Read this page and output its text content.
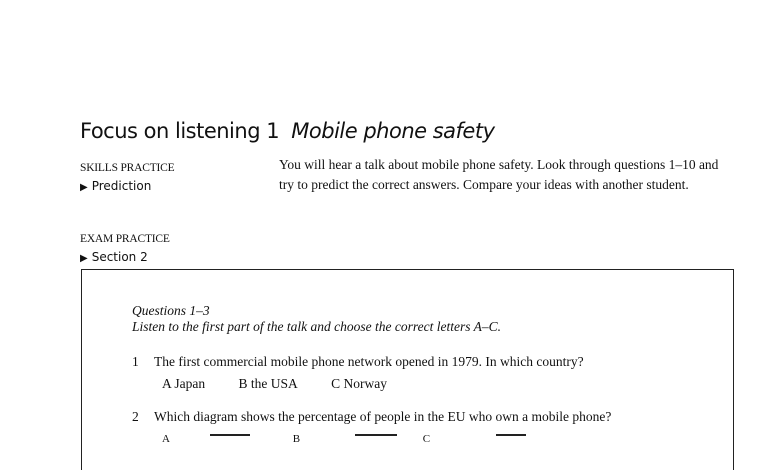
Focus on listening 1 Mobile phone safety
SKILLS PRACTICE
▶ Prediction
You will hear a talk about mobile phone safety. Look through questions 1–10 and try to predict the correct answers. Compare your ideas with another student.
EXAM PRACTICE
▶ Section 2
Questions 1–3
Listen to the first part of the talk and choose the correct letters A–C.
1 The first commercial mobile phone network opened in 1979. In which country?
A Japan B the USA C Norway
2 Which diagram shows the percentage of people in the EU who own a mobile phone?
A	B	C
